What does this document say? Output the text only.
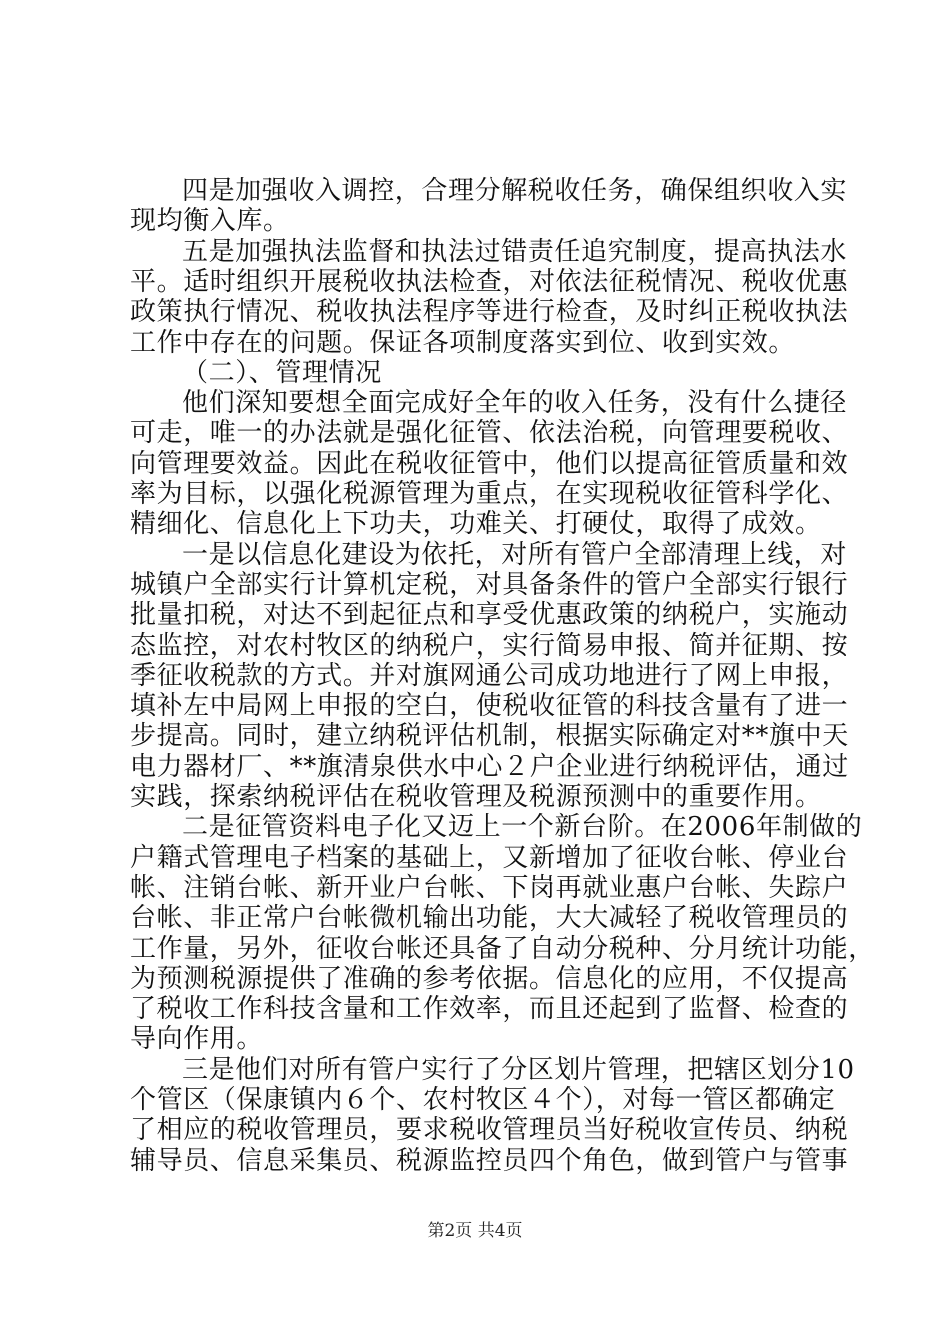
第2页 共4页
四是加强收入调控，合理分解税收任务，确保组织收入实
现均衡入库。
五是加强执法监督和执法过错责任追究制度，提高执法水
平。适时组织开展税收执法检查，对依法征税情况、税收优惠
政策执行情况、税收执法程序等进行检查，及时纠正税收执法
工作中存在的问题。保证各项制度落实到位、收到实效。
（二）、管理情况
他们深知要想全面完成好全年的收入任务，没有什么捷径
可走，唯一的办法就是强化征管、依法治税，向管理要税收、
向管理要效益。因此在税收征管中，他们以提高征管质量和效
率为目标，以强化税源管理为重点，在实现税收征管科学化、
精细化、信息化上下功夫，功难关、打硬仗，取得了成效。
一是以信息化建设为依托，对所有管户全部清理上线，对
城镇户全部实行计算机定税，对具备条件的管户全部实行银行
批量扣税，对达不到起征点和享受优惠政策的纳税户，实施动
态监控，对农村牧区的纳税户，实行简易申报、简并征期、按
季征收税款的方式。并对旗网通公司成功地进行了网上申报，
填补左中局网上申报的空白，使税收征管的科技含量有了进一
步提高。同时，建立纳税评估机制，根据实际确定对**旗中天
电力器材厂、**旗清泉供水中心２户企业进行纳税评估，通过
实践，探索纳税评估在税收管理及税源预测中的重要作用。
二是征管资料电子化又迈上一个新台阶。在2006年制做的
户籍式管理电子档案的基础上，又新增加了征收台帐、停业台
帐、注销台帐、新开业户台帐、下岗再就业惠户台帐、失踪户
台帐、非正常户台帐微机输出功能，大大减轻了税收管理员的
工作量，另外，征收台帐还具备了自动分税种、分月统计功能，
为预测税源提供了准确的参考依据。信息化的应用，不仅提高
了税收工作科技含量和工作效率，而且还起到了监督、检查的
导向作用。
三是他们对所有管户实行了分区划片管理，把辖区划分10
个管区（保康镇内６个、农村牧区４个），对每一管区都确定
了相应的税收管理员，要求税收管理员当好税收宣传员、纳税
辅导员、信息采集员、税源监控员四个角色，做到管户与管事
